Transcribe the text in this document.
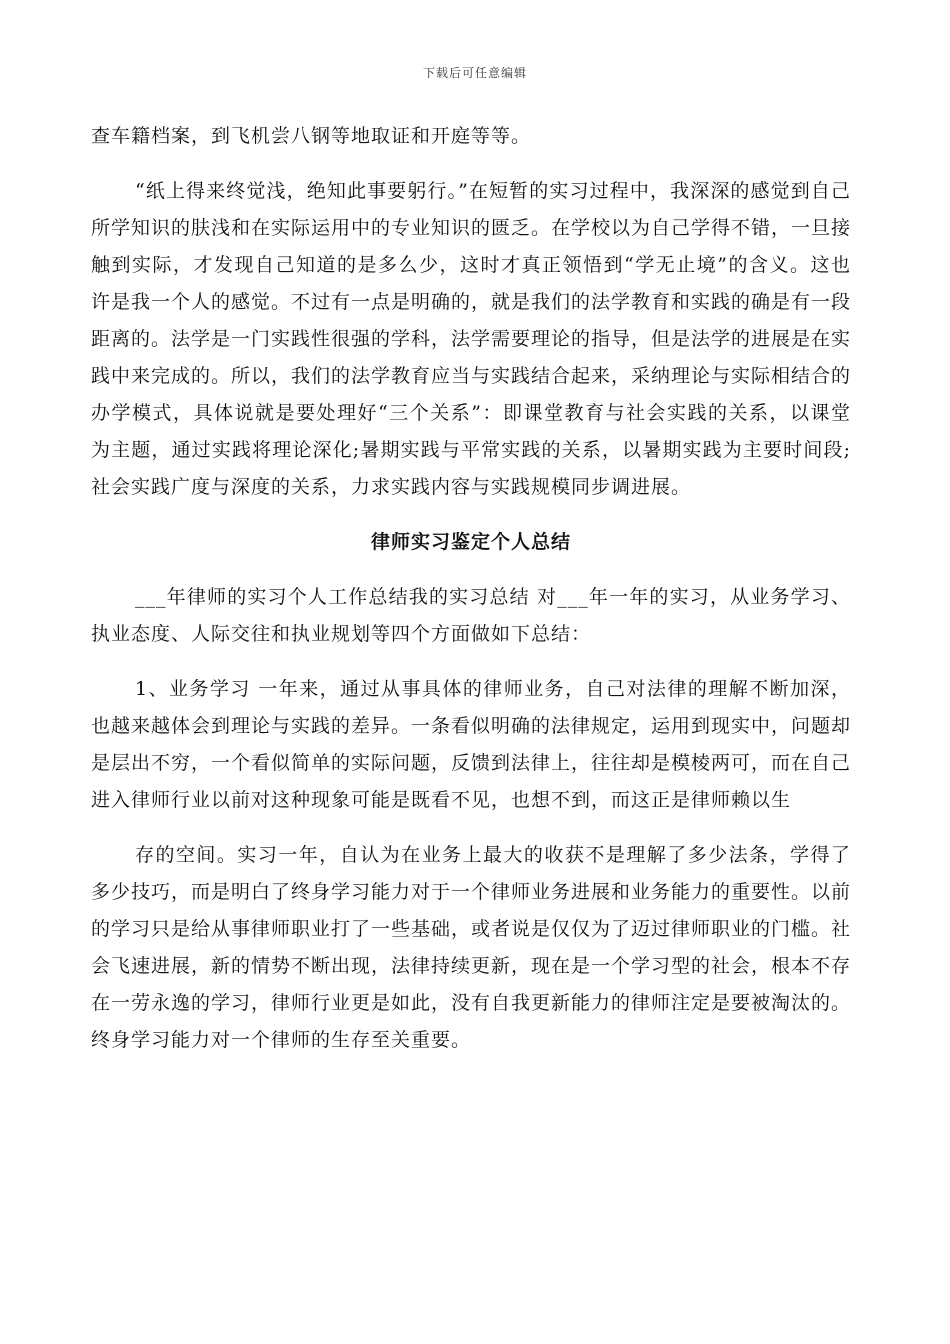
下载后可任意编辑

查车籍档案，到飞机尝八钢等地取证和开庭等等。

“纸上得来终觉浅，绝知此事要躬行。”在短暂的实习过程中，我深深的感觉到自己所学知识的肤浅和在实际运用中的专业知识的匮乏。在学校以为自己学得不错，一旦接触到实际，才发现自己知道的是多么少，这时才真正领悟到“学无止境”的含义。这也许是我一个人的感觉。不过有一点是明确的，就是我们的法学教育和实践的确是有一段距离的。法学是一门实践性很强的学科，法学需要理论的指导，但是法学的进展是在实践中来完成的。所以，我们的法学教育应当与实践结合起来，采纳理论与实际相结合的办学模式，具体说就是要处理好“三个关系”：即课堂教育与社会实践的关系，以课堂为主题，通过实践将理论深化;暑期实践与平常实践的关系，以暑期实践为主要时间段;社会实践广度与深度的关系，力求实践内容与实践规模同步调进展。

律师实习鉴定个人总结

___年律师的实习个人工作总结我的实习总结 对___年一年的实习，从业务学习、执业态度、人际交往和执业规划等四个方面做如下总结：

1、业务学习 一年来，通过从事具体的律师业务，自己对法律的理解不断加深，也越来越体会到理论与实践的差异。一条看似明确的法律规定，运用到现实中，问题却是层出不穷，一个看似简单的实际问题，反馈到法律上，往往却是模棱两可，而在自己进入律师行业以前对这种现象可能是既看不见，也想不到，而这正是律师赖以生

存的空间。实习一年，自认为在业务上最大的收获不是理解了多少法条，学得了多少技巧，而是明白了终身学习能力对于一个律师业务进展和业务能力的重要性。以前的学习只是给从事律师职业打了一些基础，或者说是仅仅为了迈过律师职业的门槛。社会飞速进展，新的情势不断出现，法律持续更新，现在是一个学习型的社会，根本不存在一劳永逸的学习，律师行业更是如此，没有自我更新能力的律师注定是要被淘汰的。终身学习能力对一个律师的生存至关重要。
